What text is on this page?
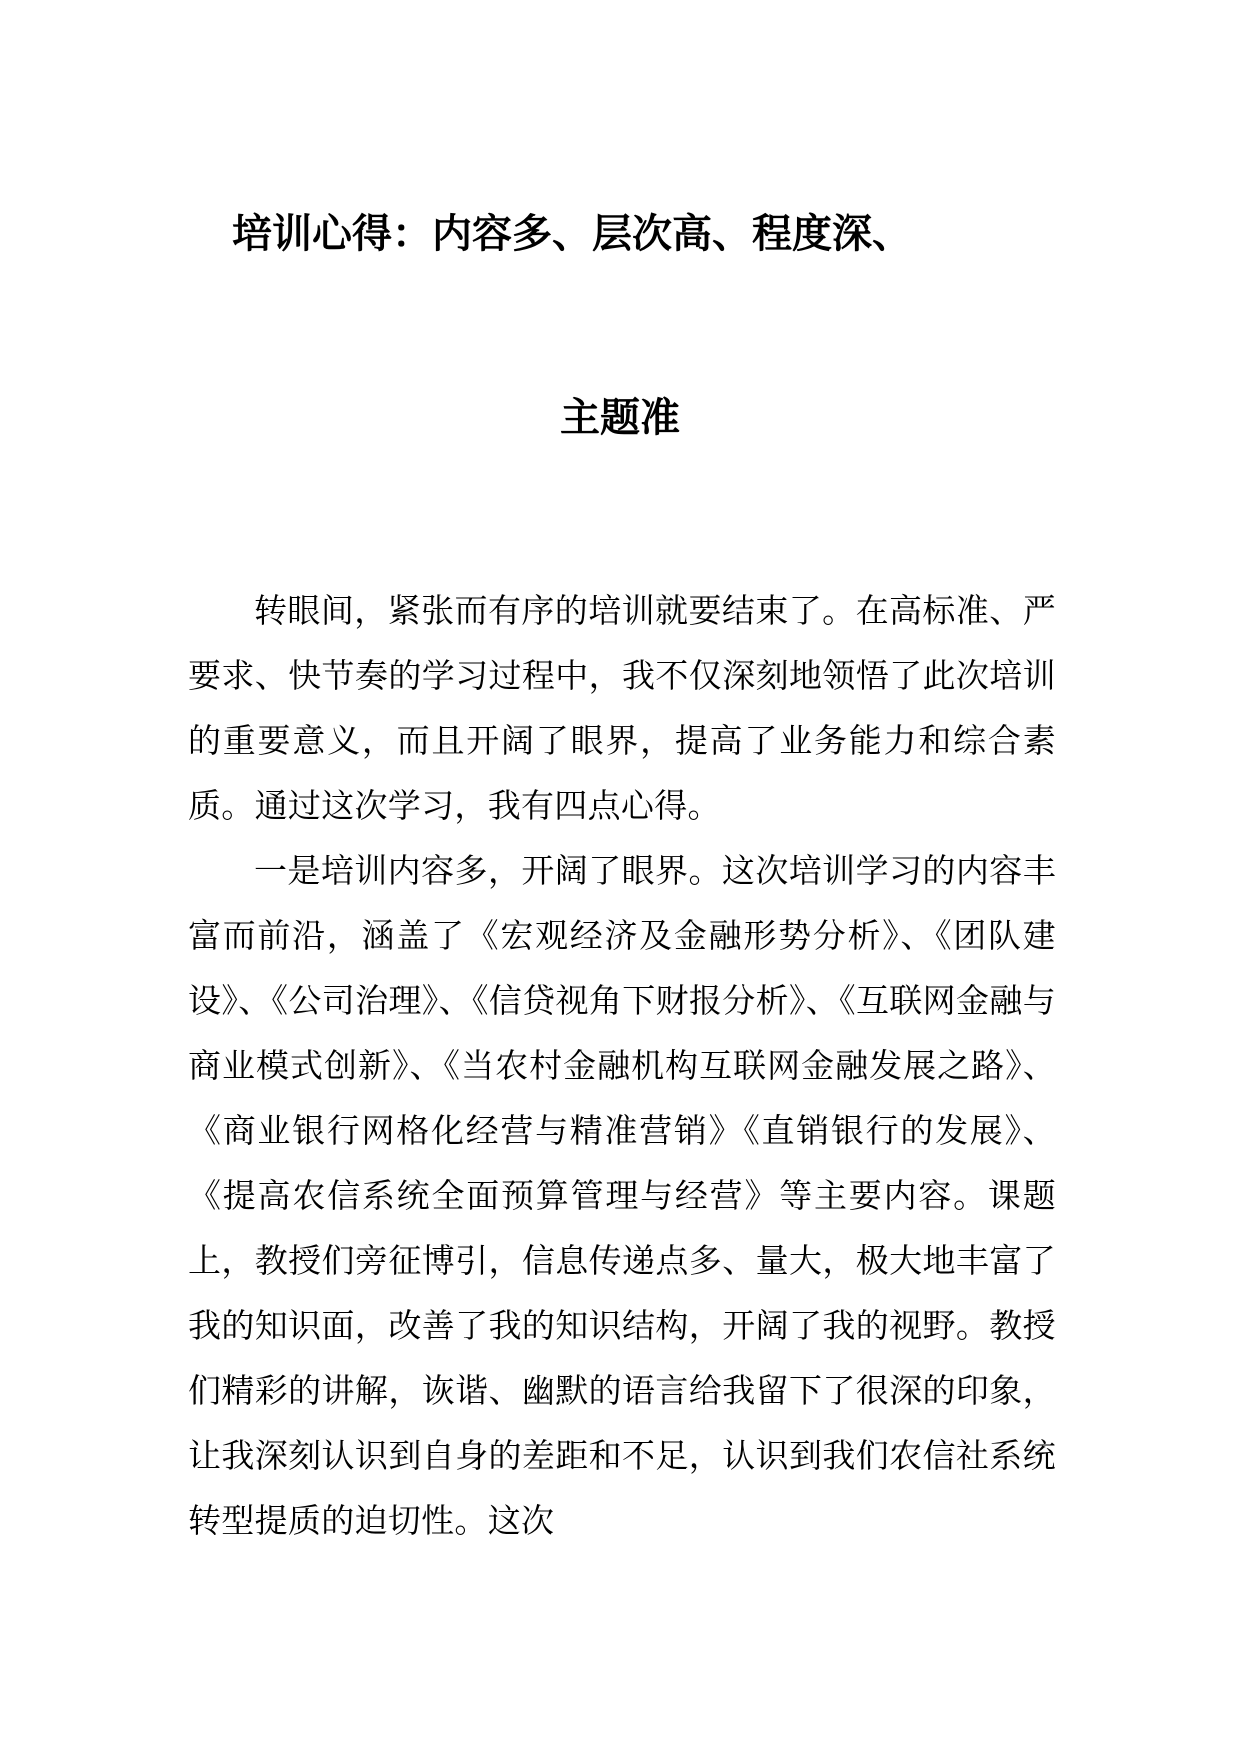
培训心得：内容多、层次高、程度深、
主题准

转眼间，紧张而有序的培训就要结束了。在高标准、严要求、快节奏的学习过程中，我不仅深刻地领悟了此次培训的重要意义，而且开阔了眼界，提高了业务能力和综合素质。通过这次学习，我有四点心得。

一是培训内容多，开阔了眼界。这次培训学习的内容丰富而前沿，涵盖了《宏观经济及金融形势分析》、《团队建设》、《公司治理》、《信贷视角下财报分析》、《互联网金融与商业模式创新》、《当农村金融机构互联网金融发展之路》、《商业银行网格化经营与精准营销》《直销银行的发展》、《提高农信系统全面预算管理与经营》等主要内容。课题上，教授们旁征博引，信息传递点多、量大，极大地丰富了我的知识面，改善了我的知识结构，开阔了我的视野。教授们精彩的讲解，诙谐、幽默的语言给我留下了很深的印象，让我深刻认识到自身的差距和不足，认识到我们农信社系统转型提质的迫切性。这次
